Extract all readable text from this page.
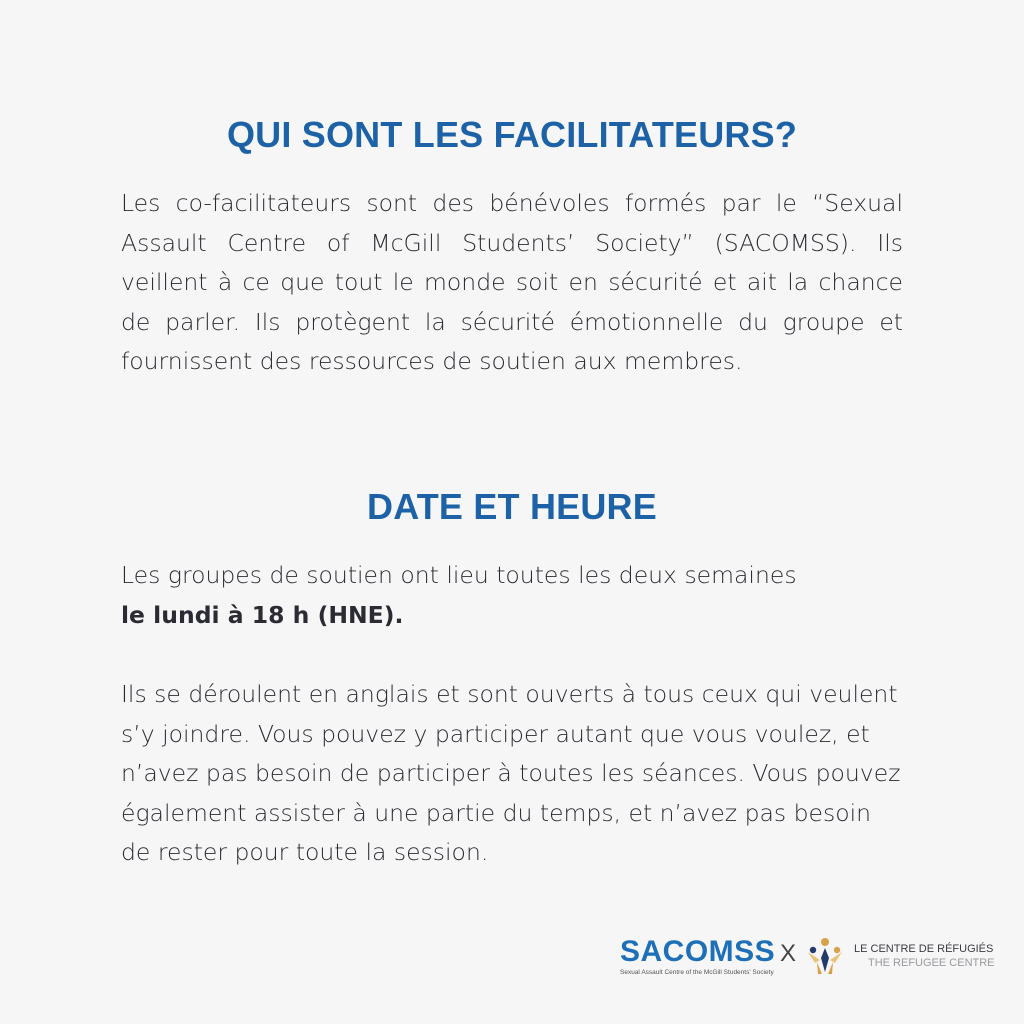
QUI SONT LES FACILITATEURS?

Les co-facilitateurs sont des bénévoles formés par le “Sexual Assault Centre of McGill Students’ Society” (SACOMSS). Ils veillent à ce que tout le monde soit en sécurité et ait la chance de parler. Ils protègent la sécurité émotionnelle du groupe et fournissent des ressources de soutien aux membres.

DATE ET HEURE

Les groupes de soutien ont lieu toutes les deux semaines
le lundi à 18 h (HNE).

Ils se déroulent en anglais et sont ouverts à tous ceux qui veulent s’y joindre. Vous pouvez y participer autant que vous voulez, et n’avez pas besoin de participer à toutes les séances. Vous pouvez également assister à une partie du temps, et n’avez pas besoin de rester pour toute la session.

SACOMSS
Sexual Assault Centre of the McGill Students' Society
X	LE CENTRE DE RÉFUGIÉS
THE REFUGEE CENTRE
